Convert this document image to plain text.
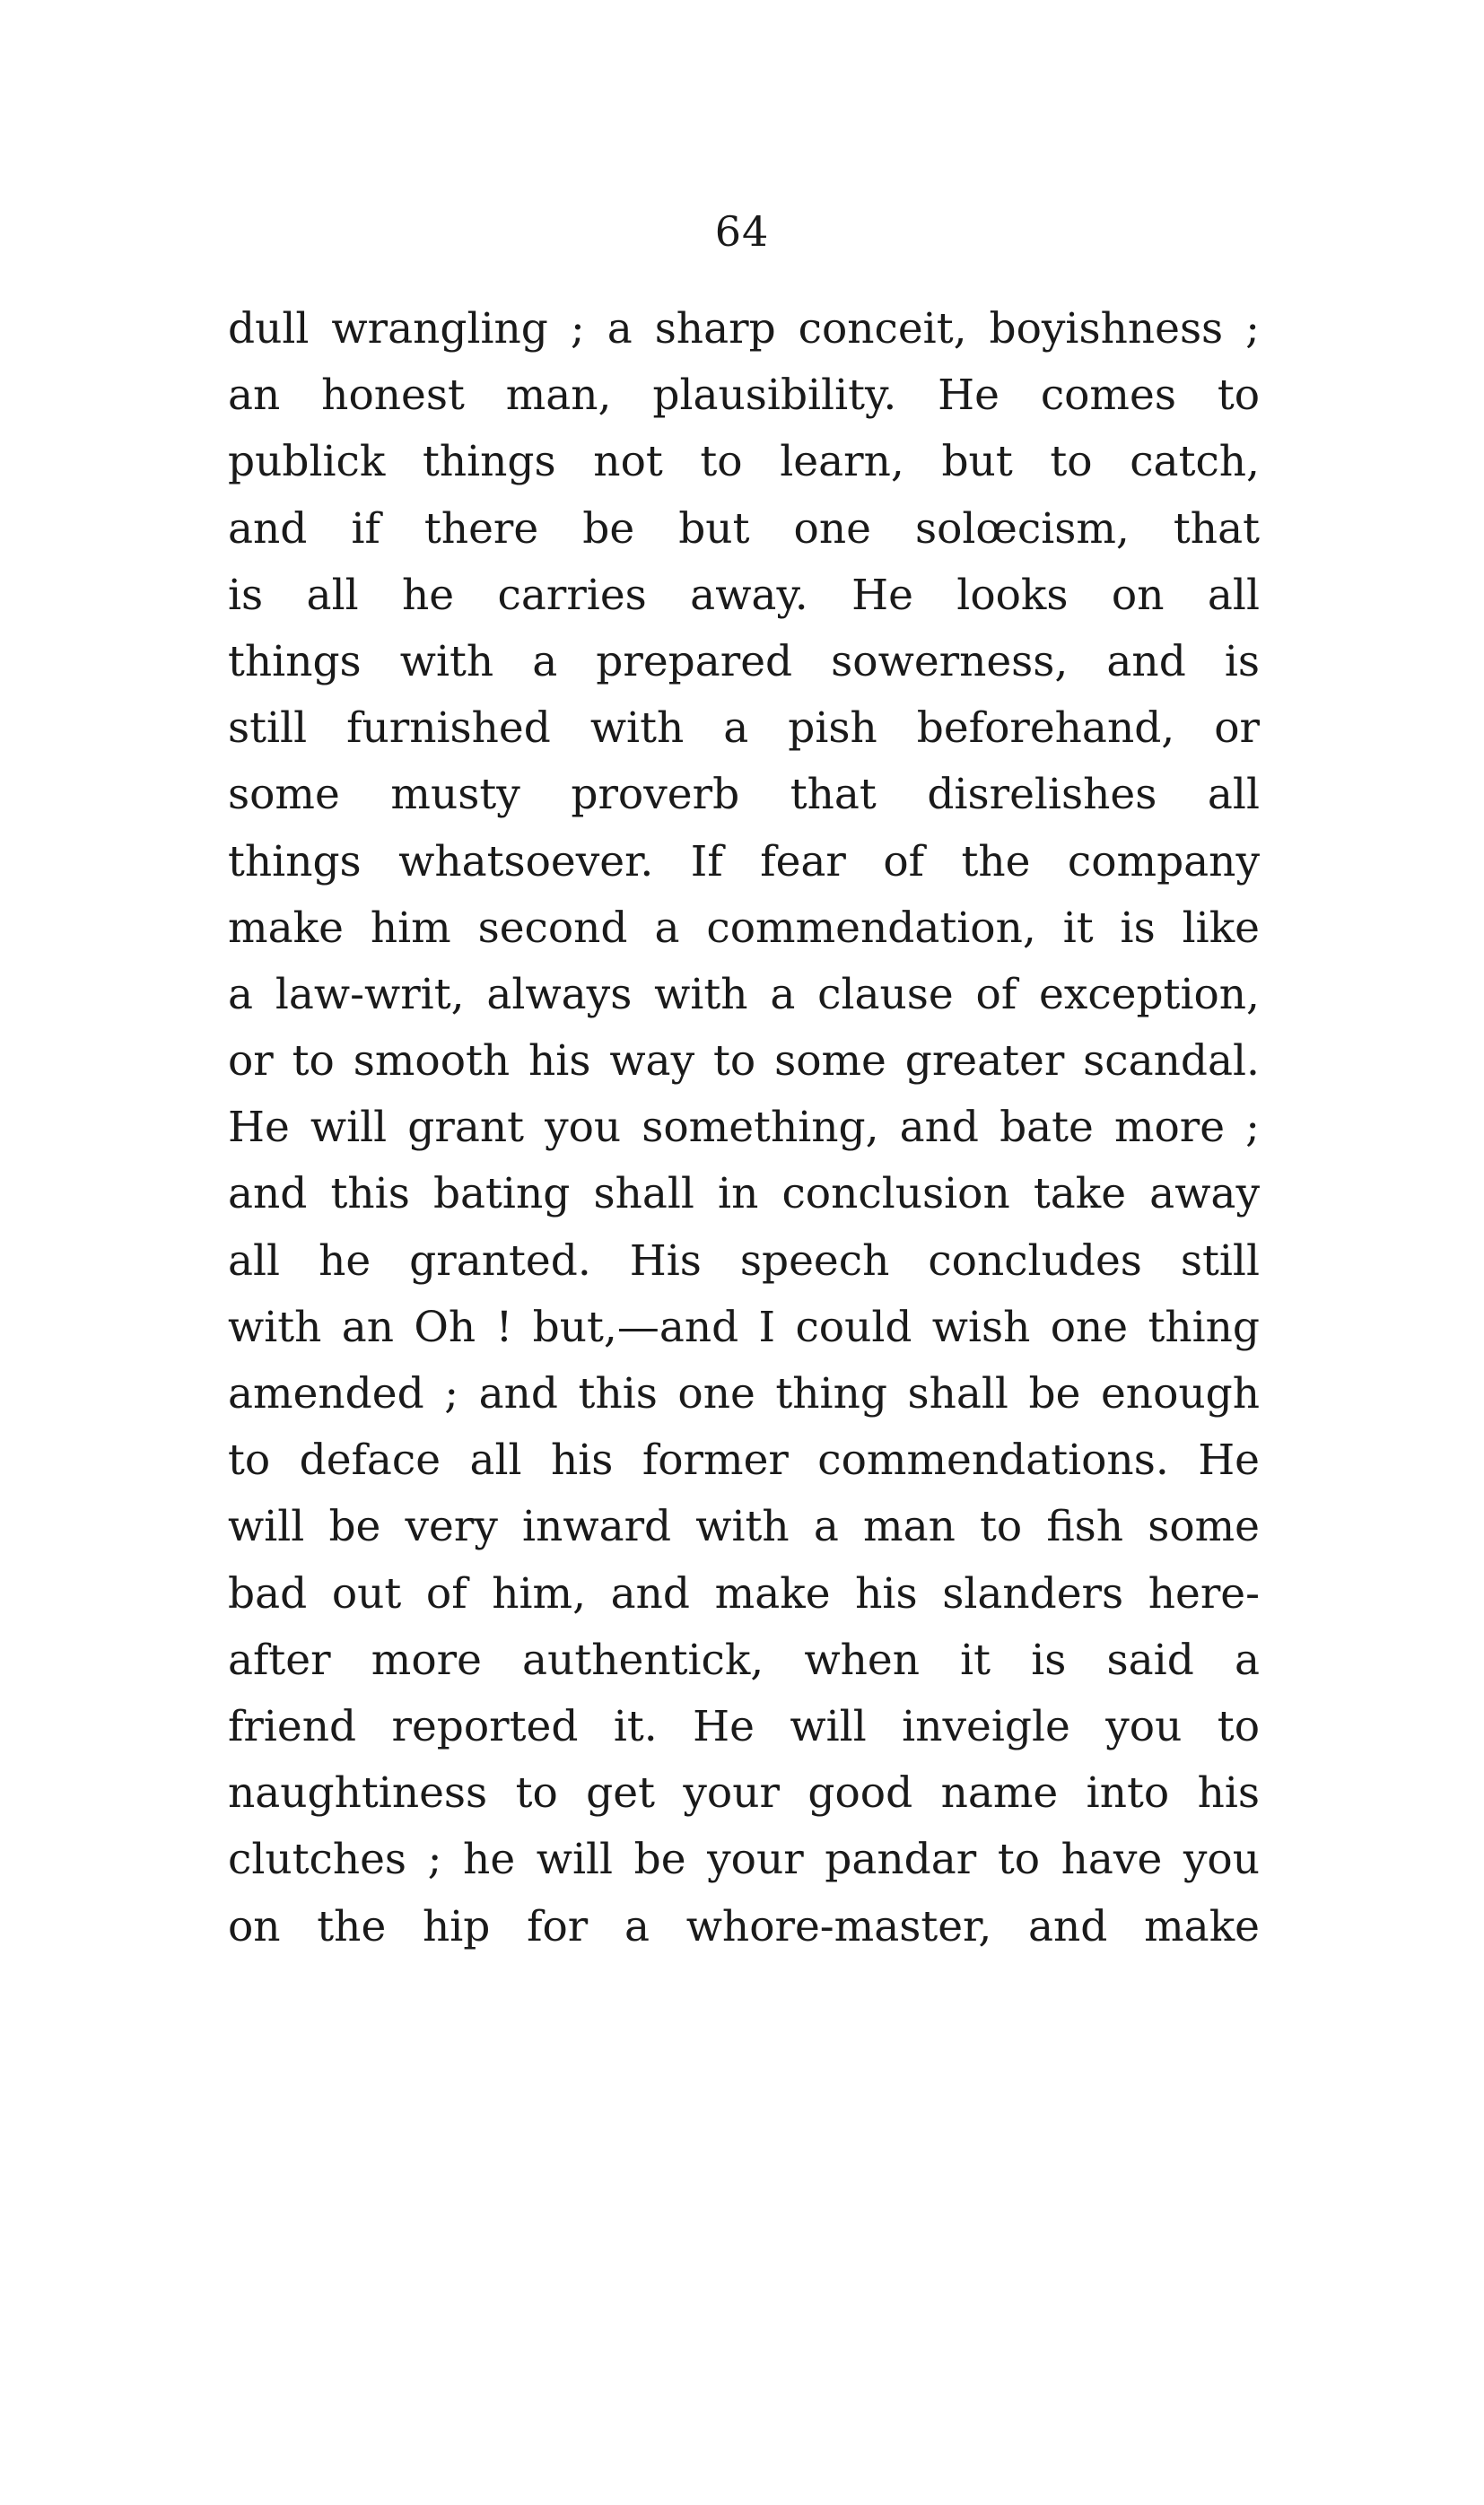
64
dull wrangling ; a sharp conceit, boyishness ;
an honest man, plausibility. He comes to
publick things not to learn, but to catch,
and if there be but one solœcism, that
is all he carries away. He looks on all
things with a prepared sowerness, and is
still furnished with a pish beforehand, or
some musty proverb that disrelishes all
things whatsoever. If fear of the company
make him second a commendation, it is like
a law-writ, always with a clause of exception,
or to smooth his way to some greater scandal.
He will grant you something, and bate more ;
and this bating shall in conclusion take away
all he granted. His speech concludes still
with an Oh ! but,—and I could wish one thing
amended ; and this one thing shall be enough
to deface all his former commendations. He
will be very inward with a man to fish some
bad out of him, and make his slanders here-
after more authentick, when it is said a
friend reported it. He will inveigle you to
naughtiness to get your good name into his
clutches ; he will be your pandar to have you
on the hip for a whore-master, and make
